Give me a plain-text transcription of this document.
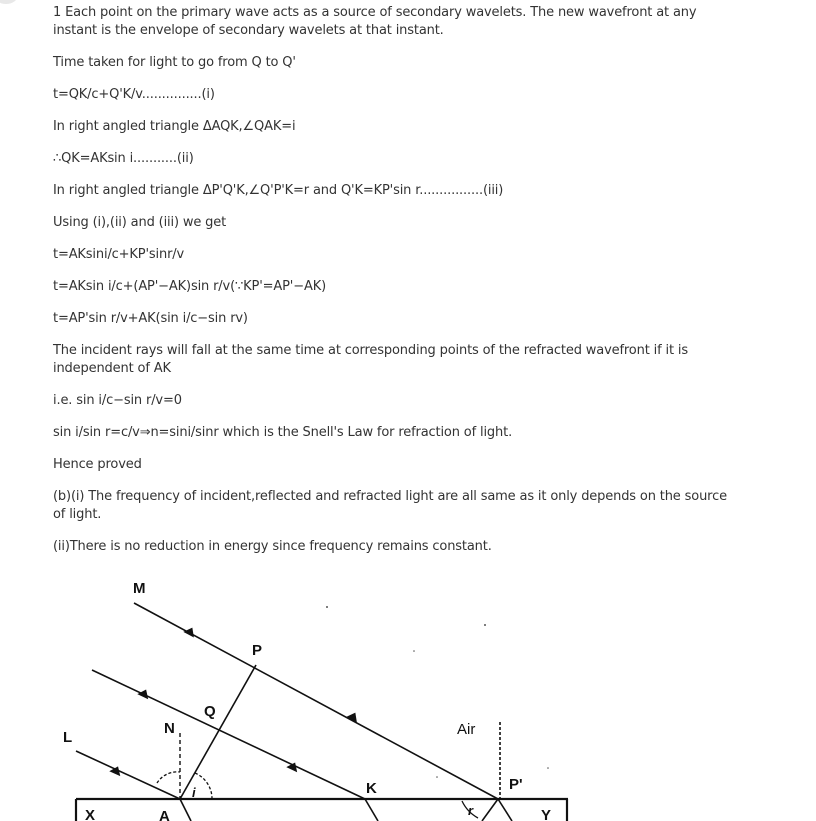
1 Each point on the primary wave acts as a source of secondary wavelets. The new wavefront at any instant is the envelope of secondary wavelets at that instant.

Time taken for light to go from Q to Q'

t=QK/c+Q'K/v...............(i)

In right angled triangle ΔAQK,∠QAK=i

∴QK=AKsin i...........(ii)

In right angled triangle ΔP'Q'K,∠Q'P'K=r and Q'K=KP'sin r................(iii)

Using (i),(ii) and (iii) we get

t=AKsini/c+KP'sinr/v

t=AKsin i/c+(AP'−AK)sin r/v(∵KP'=AP'−AK)

t=AP'sin r/v+AK(sin i/c−sin rv)

The incident rays will fall at the same time at corresponding points of the refracted wavefront if it is independent of AK

i.e. sin i/c−sin r/v=0

sin i/sin r=c/v⇒n=sini/sinr which is the Snell's Law for refraction of light.

Hence proved

(b)(i) The frequency of incident,reflected and refracted light are all same as it only depends on the source of light.

(ii)There is no reduction in energy since frequency remains constant.

M
P
Q
N
L	Air
K	P'
X	A	Y
i
r
